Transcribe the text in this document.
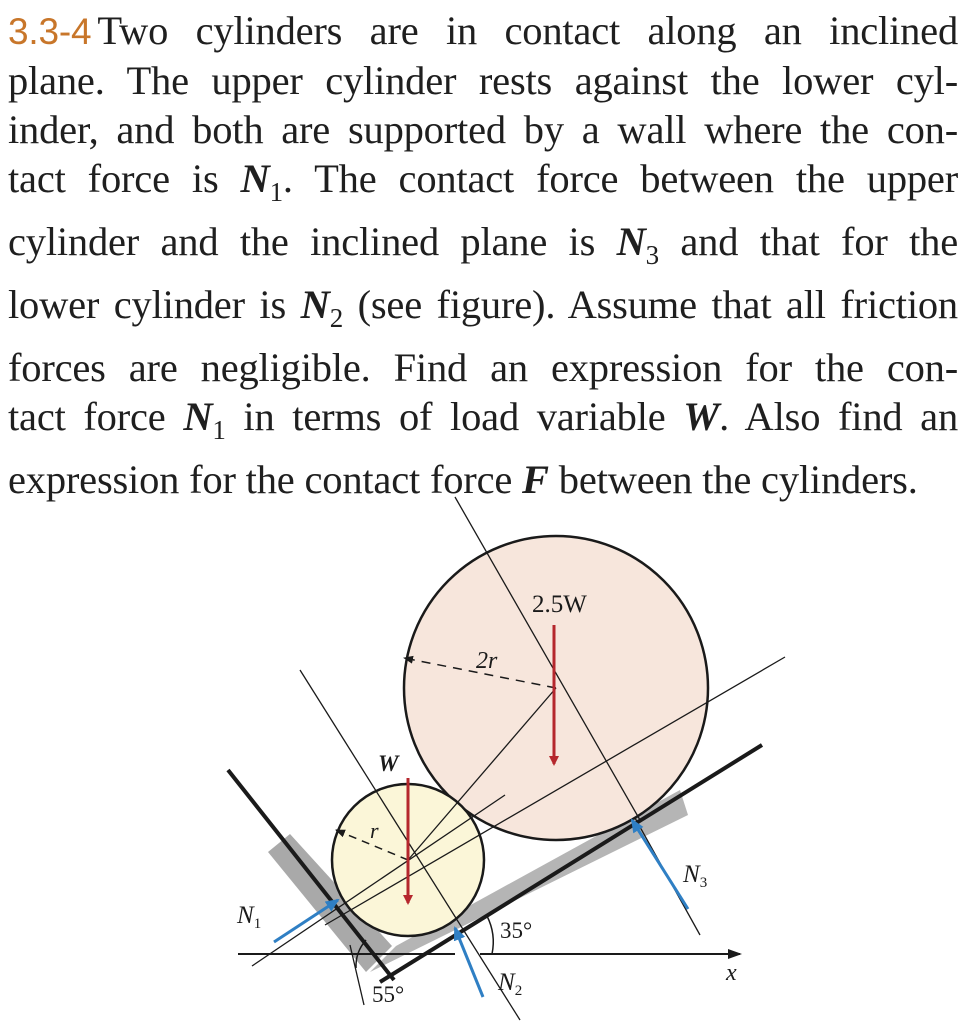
3.3-4 Two cylinders are in contact along an inclined
plane. The upper cylinder rests against the lower cyl-
inder, and both are supported by a wall where the con-
tact force is $N_1$. The contact force between the upper
cylinder and the inclined plane is $N_3$ and that for the
lower cylinder is $N_2$ (see figure). Assume that all friction
forces are negligible. Find an expression for the con-
tact force $N_1$ in terms of load variable W. Also find an
expression for the contact force F between the cylinders.
2.5W
2r
W
r
35°
55°
$N_1$
$N_2$
$N_3$
x
